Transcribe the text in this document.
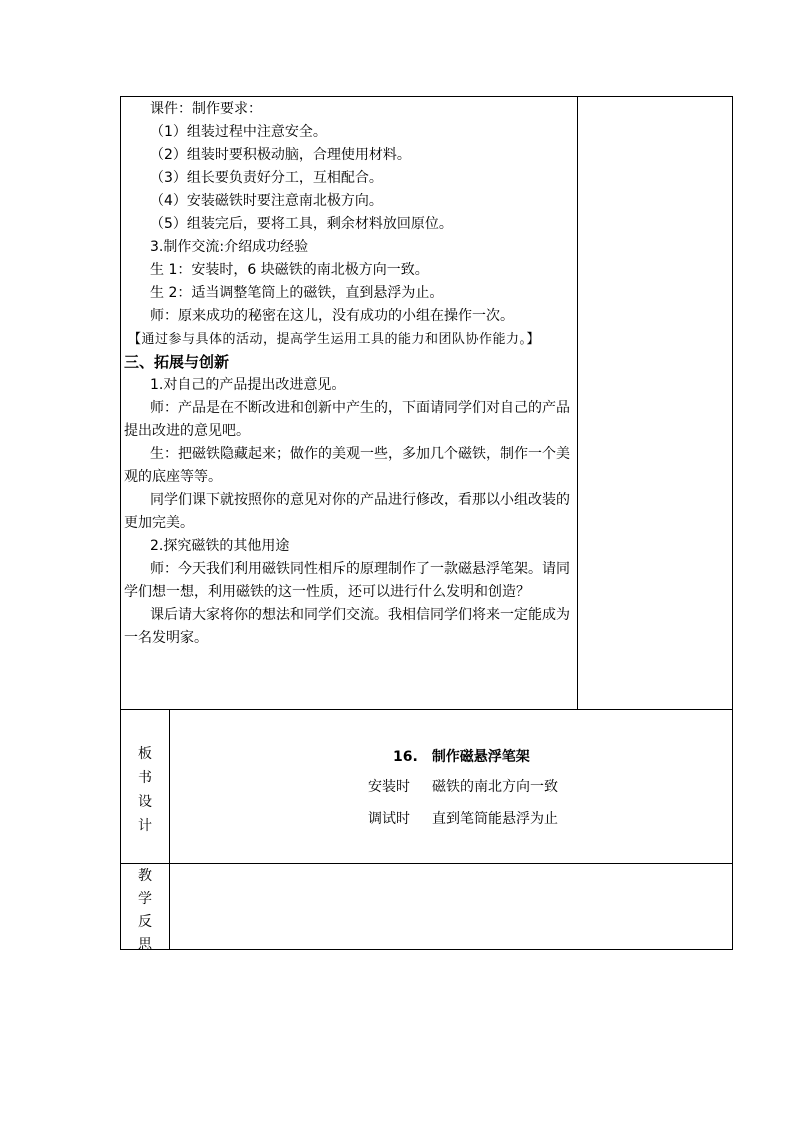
课件：制作要求：
（1）组装过程中注意安全。
（2）组装时要积极动脑，合理使用材料。
（3）组长要负责好分工，互相配合。
（4）安装磁铁时要注意南北极方向。
（5）组装完后，要将工具，剩余材料放回原位。
3.制作交流:介绍成功经验
生 1：安装时，6 块磁铁的南北极方向一致。
生 2：适当调整笔筒上的磁铁，直到悬浮为止。
师：原来成功的秘密在这儿，没有成功的小组在操作一次。
【通过参与具体的活动，提高学生运用工具的能力和团队协作能力。】
三、拓展与创新
1.对自己的产品提出改进意见。
师：产品是在不断改进和创新中产生的，下面请同学们对自己的产品提出改进的意见吧。
生：把磁铁隐藏起来；做作的美观一些，多加几个磁铁，制作一个美观的底座等等。
同学们课下就按照你的意见对你的产品进行修改，看那以小组改装的更加完美。
2.探究磁铁的其他用途
师：今天我们利用磁铁同性相斥的原理制作了一款磁悬浮笔架。请同学们想一想，利用磁铁的这一性质，还可以进行什么发明和创造？
课后请大家将你的想法和同学们交流。我相信同学们将来一定能成为一名发明家。
板
书
设
计
16. 制作磁悬浮笔架
安装时 磁铁的南北方向一致
调试时 直到笔筒能悬浮为止
教
学
反
思
